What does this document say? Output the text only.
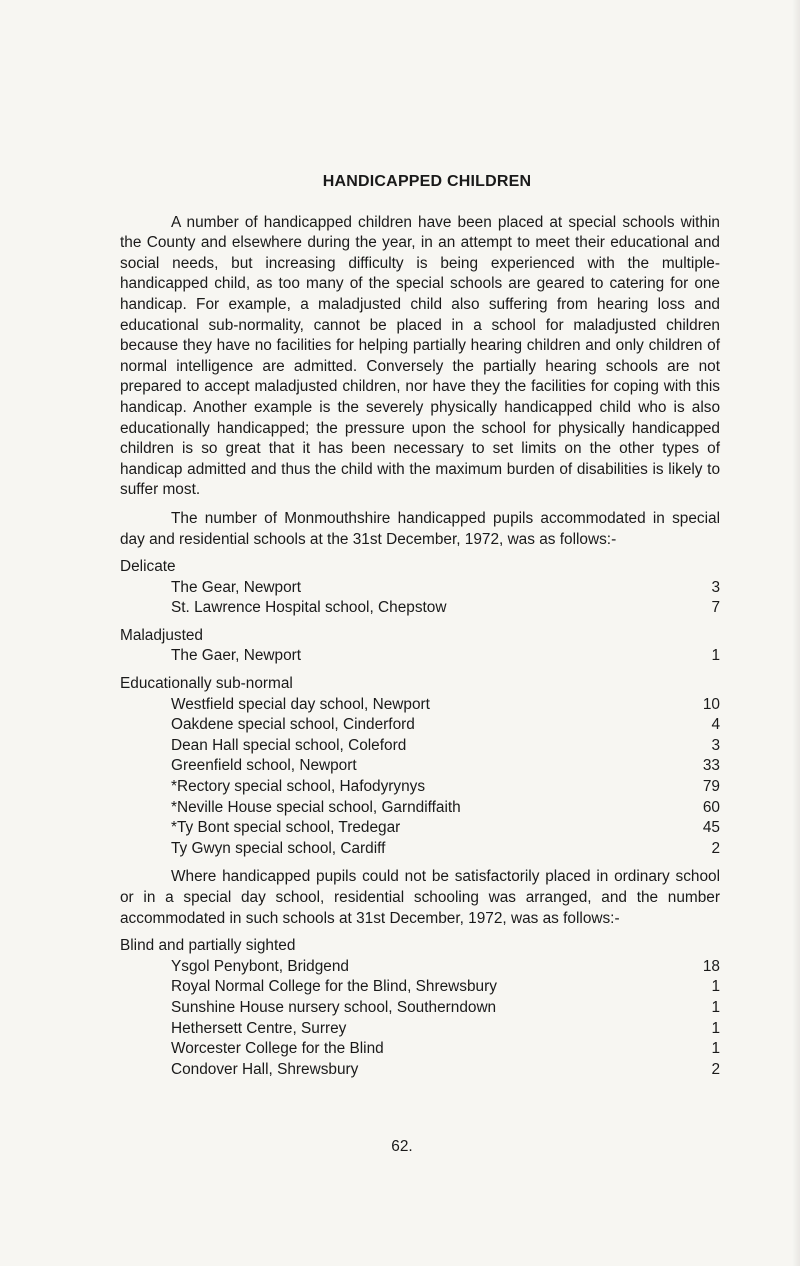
HANDICAPPED CHILDREN

A number of handicapped children have been placed at special schools within the County and elsewhere during the year, in an attempt to meet their educational and social needs, but increasing difficulty is being experienced with the multiple-handicapped child, as too many of the special schools are geared to catering for one handicap. For example, a maladjusted child also suffering from hearing loss and educational sub-normality, cannot be placed in a school for maladjusted children because they have no facilities for helping partially hearing children and only children of normal intelligence are admitted. Conversely the partially hearing schools are not prepared to accept maladjusted children, nor have they the facilities for coping with this handicap. Another example is the severely physically handicapped child who is also educationally handicapped; the pressure upon the school for physically handicapped children is so great that it has been necessary to set limits on the other types of handicap admitted and thus the child with the maximum burden of disabilities is likely to suffer most.

The number of Monmouthshire handicapped pupils accommodated in special day and residential schools at the 31st December, 1972, was as follows:-

Delicate
The Gear, Newport	3
St. Lawrence Hospital school, Chepstow	7
Maladjusted
The Gaer, Newport	1
Educationally sub-normal
Westfield special day school, Newport	10
Oakdene special school, Cinderford	4
Dean Hall special school, Coleford	3
Greenfield school, Newport	33
*Rectory special school, Hafodyrynys	79
*Neville House special school, Garndiffaith	60
*Ty Bont special school, Tredegar	45
Ty Gwyn special school, Cardiff	2

Where handicapped pupils could not be satisfactorily placed in ordinary school or in a special day school, residential schooling was arranged, and the number accommodated in such schools at 31st December, 1972, was as follows:-

Blind and partially sighted
Ysgol Penybont, Bridgend	18
Royal Normal College for the Blind, Shrewsbury	1
Sunshine House nursery school, Southerndown	1
Hethersett Centre, Surrey	1
Worcester College for the Blind	1
Condover Hall, Shrewsbury	2
62.
